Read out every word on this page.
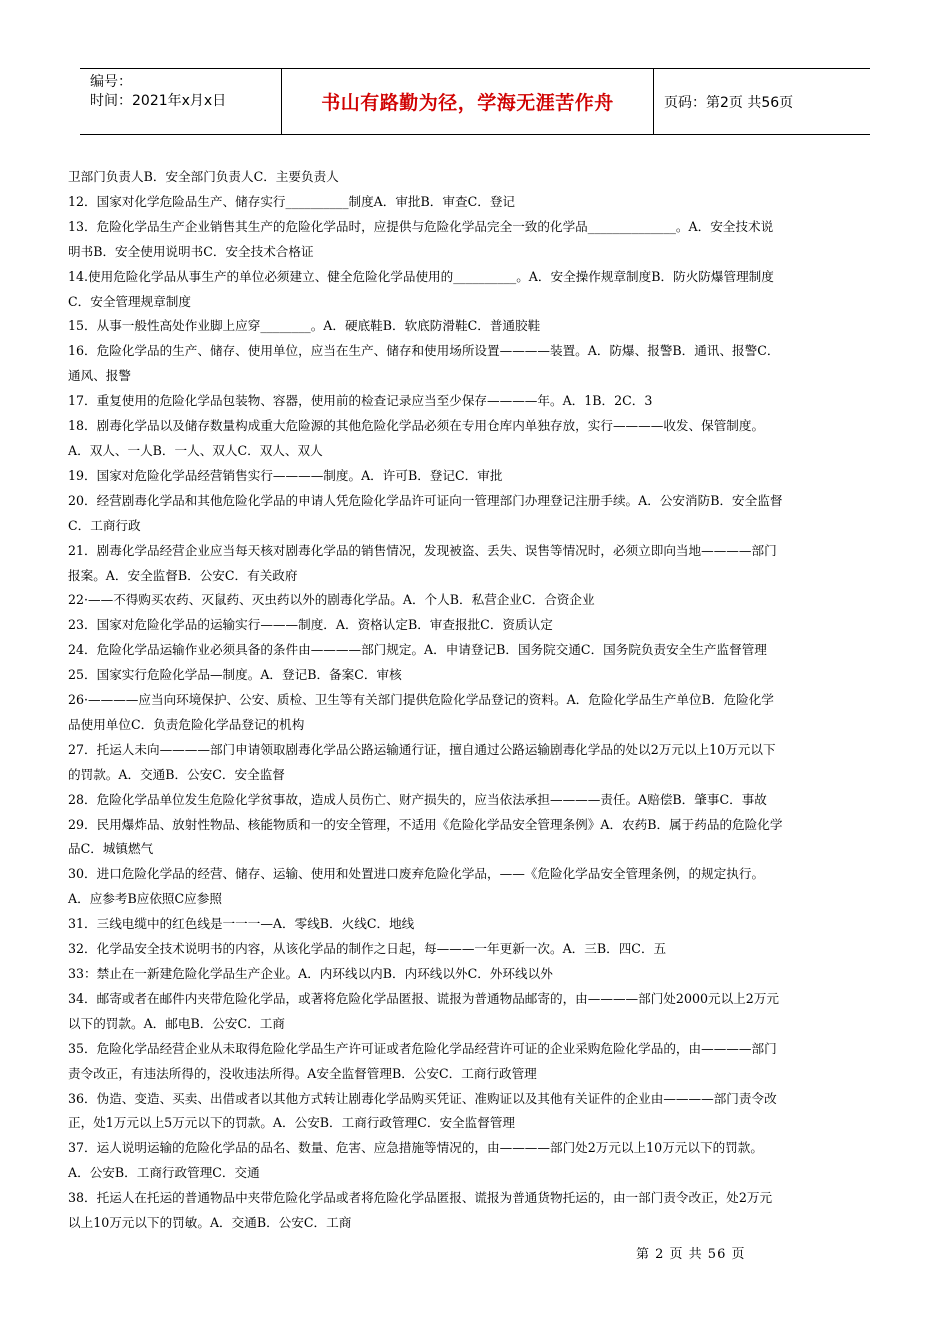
编号：
时间：2021年x月x日	书山有路勤为径，学海无涯苦作舟	页码：第2页 共56页

卫部门负责人B．安全部门负责人C．主要负责人

12．国家对化学危险品生产、储存实行__________制度A．审批B．审查C．登记

13．危险化学品生产企业销售其生产的危险化学品时，应提供与危险化学品完全一致的化学品______________。A．安全技术说

明书B．安全使用说明书C．安全技术合格证

14.使用危险化学品从事生产的单位必须建立、健全危险化学品使用的__________。A．安全操作规章制度B．防火防爆管理制度

C．安全管理规章制度

15．从事一般性高处作业脚上应穿________。A．硬底鞋B．软底防滑鞋C．普通胶鞋

16．危险化学品的生产、储存、使用单位，应当在生产、储存和使用场所设置————装置。A．防爆、报警B．通讯、报警C．

通风、报警

17．重复使用的危险化学品包装物、容器，使用前的检查记录应当至少保存————年。A．1B．2C．3

18．剧毒化学品以及储存数量构成重大危险源的其他危险化学品必须在专用仓库内单独存放，实行————收发、保管制度。

A．双人、一人B．一人、双人C．双人、双人

19．国家对危险化学品经营销售实行————制度。A．许可B．登记C．审批

20．经营剧毒化学品和其他危险化学品的申请人凭危险化学品许可证向一管理部门办理登记注册手续。A．公安消防B．安全监督

C．工商行政

21．剧毒化学品经营企业应当每天核对剧毒化学品的销售情况，发现被盗、丢失、误售等情况时，必须立即向当地————部门

报案。A．安全监督B．公安C．有关政府

22·——不得购买农药、灭鼠药、灭虫药以外的剧毒化学品。A．个人B．私营企业C．合资企业

23．国家对危险化学品的运输实行———制度．A．资格认定B．审查报批C．资质认定

24．危险化学品运输作业必须具备的条件由————部门规定。A．申请登记B．国务院交通C．国务院负责安全生产监督管理

25．国家实行危险化学品—制度。A．登记B．备案C．审核

26·————应当向环境保护、公安、质检、卫生等有关部门提供危险化学品登记的资料。A．危险化学品生产单位B．危险化学

品使用单位C．负责危险化学品登记的机构

27．托运人未向————部门申请领取剧毒化学品公路运输通行证，擅自通过公路运输剧毒化学品的处以2万元以上10万元以下

的罚款。A．交通B．公安C．安全监督

28．危险化学品单位发生危险化学贫事故，造成人员伤亡、财产损失的，应当依法承担————责任。A赔偿B．肇事C．事故

29．民用爆炸品、放射性物品、核能物质和一的安全管理，不适用《危险化学品安全管理条例》A．农药B．属于药品的危险化学

品C．城镇燃气

30．进口危险化学品的经营、储存、运输、使用和处置进口废弃危险化学品，——《危险化学品安全管理条例，的规定执行。

A．应参考B应依照C应参照

31．三线电缆中的红色线是一一一—A．零线B．火线C．地线

32．化学品安全技术说明书的内容，从该化学品的制作之日起，每———一年更新一次。A．三B．四C．五

33：禁止在一新建危险化学品生产企业。A．内环线以内B．内环线以外C．外环线以外

34．邮寄或者在邮件内夹带危险化学品，或著将危险化学品匿报、谎报为普通物品邮寄的，由————部门处2000元以上2万元

以下的罚款。A．邮电B．公安C．工商

35．危险化学品经营企业从未取得危险化学品生产许可证或者危险化学品经营许可证的企业采购危险化学品的，由————部门

责令改正，有违法所得的，没收违法所得。A安全监督管理B．公安C．工商行政管理

36．伪造、变造、买卖、出借或者以其他方式转让剧毒化学品购买凭证、准购证以及其他有关证件的企业由————部门责令改

正，处1万元以上5万元以下的罚款。A．公安B．工商行政管理C．安全监督管理

37．运人说明运输的危险化学品的品名、数量、危害、应急措施等情况的，由————部门处2万元以上10万元以下的罚款。

A．公安B．工商行政管理C．交通

38．托运人在托运的普通物品中夹带危险化学品或者将危险化学品匿报、谎报为普通货物托运的，由一部门责令改正，处2万元

以上10万元以下的罚敏。A．交通B．公安C．工商

第 2 页 共 56 页
